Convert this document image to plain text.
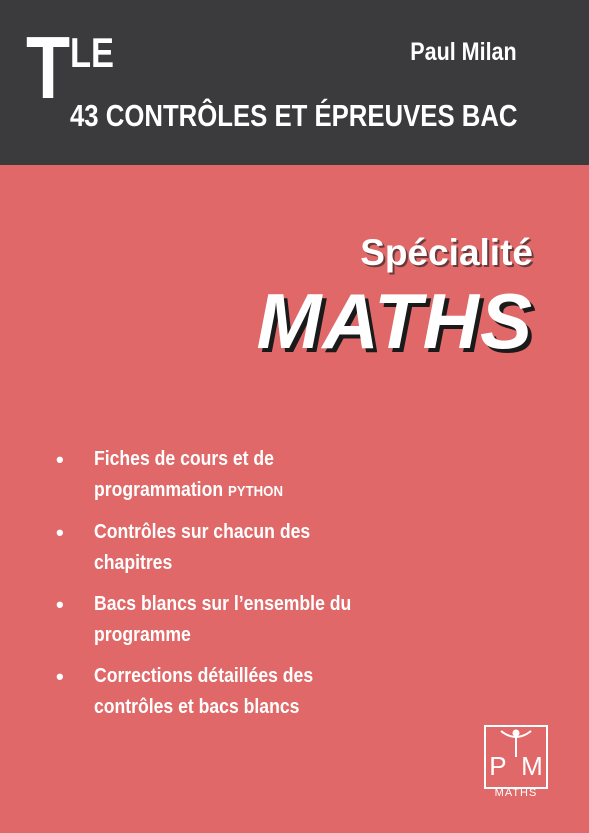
T LE	Paul Milan
43 CONTRÔLES ET ÉPREUVES BAC
Spécialité
MATHS
• Fiches de cours et de
programmation PYTHON
• Contrôles sur chacun des
chapitres
• Bacs blancs sur l’ensemble du
programme
• Corrections détaillées des
contrôles et bacs blancs
P M
MATHS
